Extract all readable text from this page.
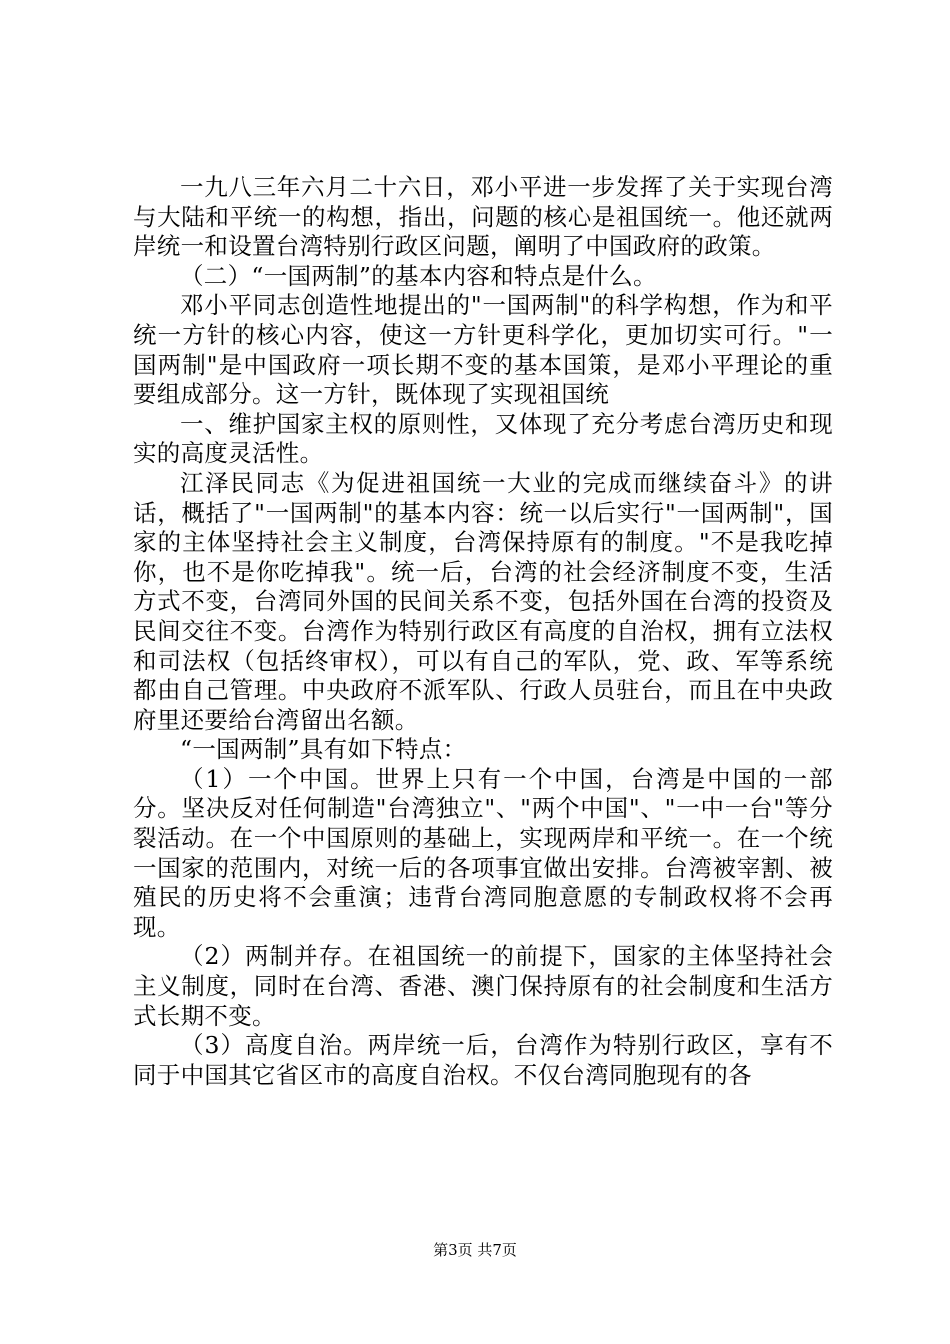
一九八三年六月二十六日，邓小平进一步发挥了关于实现台湾与大陆和平统一的构想，指出，问题的核心是祖国统一。他还就两岸统一和设置台湾特别行政区问题，阐明了中国政府的政策。

（二）“一国两制”的基本内容和特点是什么。

邓小平同志创造性地提出的"一国两制"的科学构想，作为和平统一方针的核心内容，使这一方针更科学化，更加切实可行。"一国两制"是中国政府一项长期不变的基本国策，是邓小平理论的重要组成部分。这一方针，既体现了实现祖国统

一、维护国家主权的原则性，又体现了充分考虑台湾历史和现实的高度灵活性。

江泽民同志《为促进祖国统一大业的完成而继续奋斗》的讲话，概括了"一国两制"的基本内容：统一以后实行"一国两制"，国家的主体坚持社会主义制度，台湾保持原有的制度。"不是我吃掉你，也不是你吃掉我"。统一后，台湾的社会经济制度不变，生活方式不变，台湾同外国的民间关系不变，包括外国在台湾的投资及民间交往不变。台湾作为特别行政区有高度的自治权，拥有立法权和司法权（包括终审权），可以有自己的军队，党、政、军等系统都由自己管理。中央政府不派军队、行政人员驻台，而且在中央政府里还要给台湾留出名额。

“一国两制”具有如下特点：

（1）一个中国。世界上只有一个中国，台湾是中国的一部分。坚决反对任何制造"台湾独立"、"两个中国"、"一中一台"等分裂活动。在一个中国原则的基础上，实现两岸和平统一。在一个统一国家的范围内，对统一后的各项事宜做出安排。台湾被宰割、被殖民的历史将不会重演；违背台湾同胞意愿的专制政权将不会再现。

（2）两制并存。在祖国统一的前提下，国家的主体坚持社会主义制度，同时在台湾、香港、澳门保持原有的社会制度和生活方式长期不变。

（3）高度自治。两岸统一后，台湾作为特别行政区，享有不同于中国其它省区市的高度自治权。不仅台湾同胞现有的各

第3页 共7页
